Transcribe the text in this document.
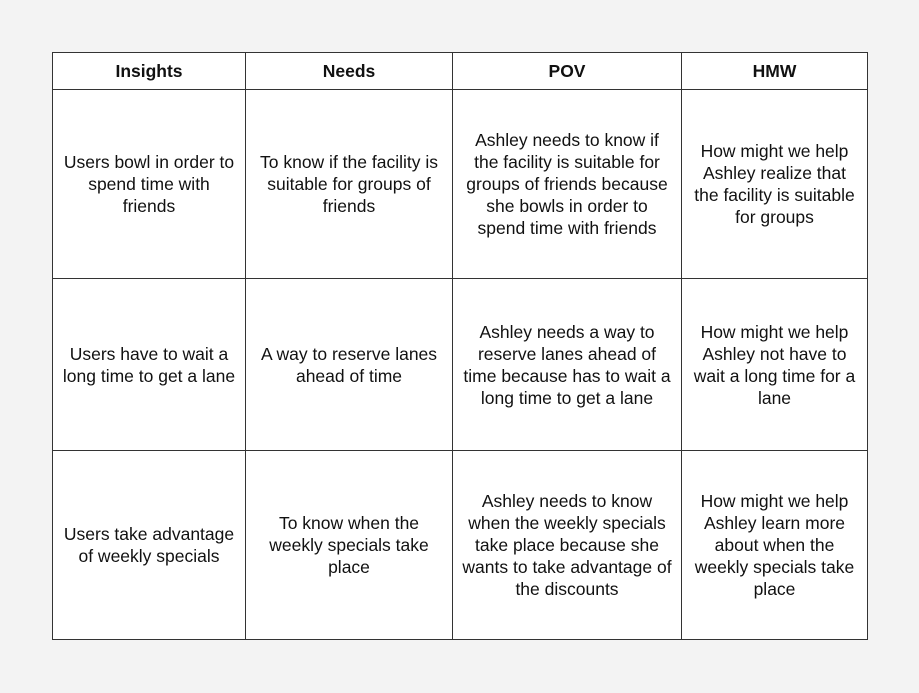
Insights	Needs	POV	HMW
Users bowl in order to spend time with friends	To know if the facility is suitable for groups of friends	Ashley needs to know if the facility is suitable for groups of friends because she bowls in order to spend time with friends	How might we help Ashley realize that the facility is suitable for groups
Users have to wait a long time to get a lane	A way to reserve lanes ahead of time	Ashley needs a way to reserve lanes ahead of time because has to wait a long time to get a lane	How might we help Ashley not have to wait a long time for a lane
Users take advantage of weekly specials	To know when the weekly specials take place	Ashley needs to know when the weekly specials take place because she wants to take advantage of the discounts	How might we help Ashley learn more about when the weekly specials take place
